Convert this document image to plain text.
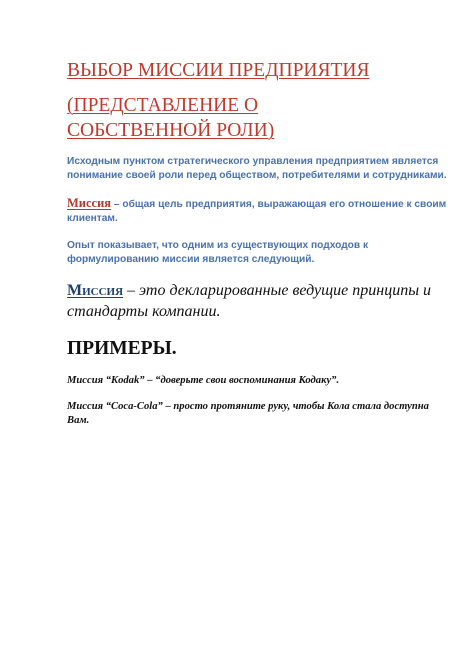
ВЫБОР МИССИИ ПРЕДПРИЯТИЯ

(ПРЕДСТАВЛЕНИЕ О

СОБСТВЕННОЙ РОЛИ)

Исходным пунктом стратегического управления предприятием является
понимание своей роли перед обществом, потребителями и сотрудниками.

Миссия – общая цель предприятия, выражающая его отношение к своим клиентам.

Опыт показывает, что одним из существующих подходов к формулированию миссии является следующий.

Миссия – это декларированные ведущие принципы и стандарты компании.

ПРИМЕРЫ.

Миссия “Kodak” – “доверьте свои воспоминания Кодаку”.

Миссия “Coca-Cola” – просто протяните руку, чтобы Кола стала доступна Вам.
